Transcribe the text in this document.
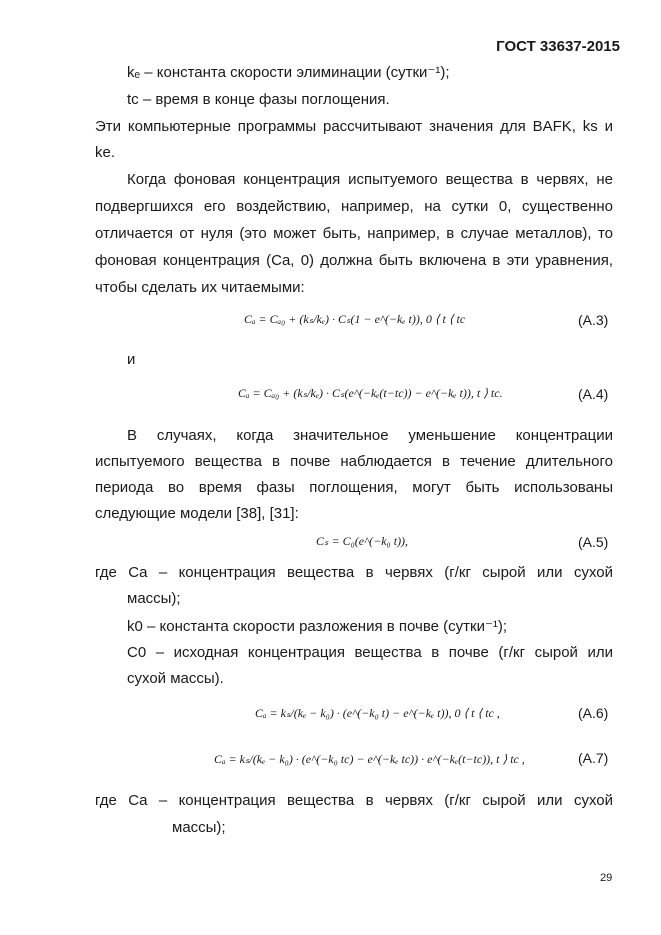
ГОСТ 33637-2015
kₑ – константа скорости элиминации (сутки⁻¹);
tc – время в конце фазы поглощения.
Эти компьютерные программы рассчитывают значения для BAFK, ks и
ke.
Когда фоновая концентрация испытуемого вещества в червях, не
подвергшихся его воздействию, например, на сутки 0, существенно
отличается от нуля (это может быть, например, в случае металлов), то
фоновая концентрация (Ca, 0) должна быть включена в эти уравнения,
чтобы сделать их читаемыми:
Cₐ = Cₐ₀ + (kₛ/kₑ) · Cₛ(1 − e^(−kₑ t)), 0 ⟨ t ⟨ tc	(A.3)
и
Cₐ = Cₐ₀ + (kₛ/kₑ) · Cₛ(e^(−kₑ(t−tc)) − e^(−kₑ t)), t ⟩ tc.	(A.4)
В случаях, когда значительное уменьшение концентрации
испытуемого вещества в почве наблюдается в течение длительного
периода во время фазы поглощения, могут быть использованы
следующие модели [38], [31]:
Cₛ = C₀(e^(−k₀ t)),	(A.5)
где Ca – концентрация вещества в червях (г/кг сырой или сухой
массы);
k0 – константа скорости разложения в почве (сутки⁻¹);
C0 – исходная концентрация вещества в почве (г/кг сырой или
сухой массы).
Cₐ = kₛ/(kₑ − k₀) · (e^(−k₀ t) − e^(−kₑ t)), 0 ⟨ t ⟨ tc ,	(A.6)
Cₐ = kₛ/(kₑ − k₀) · (e^(−k₀ tc) − e^(−kₑ tc)) · e^(−kₑ(t−tc)), t ⟩ tc ,	(A.7)
где Ca – концентрация вещества в червях (г/кг сырой или сухой
массы);
29
